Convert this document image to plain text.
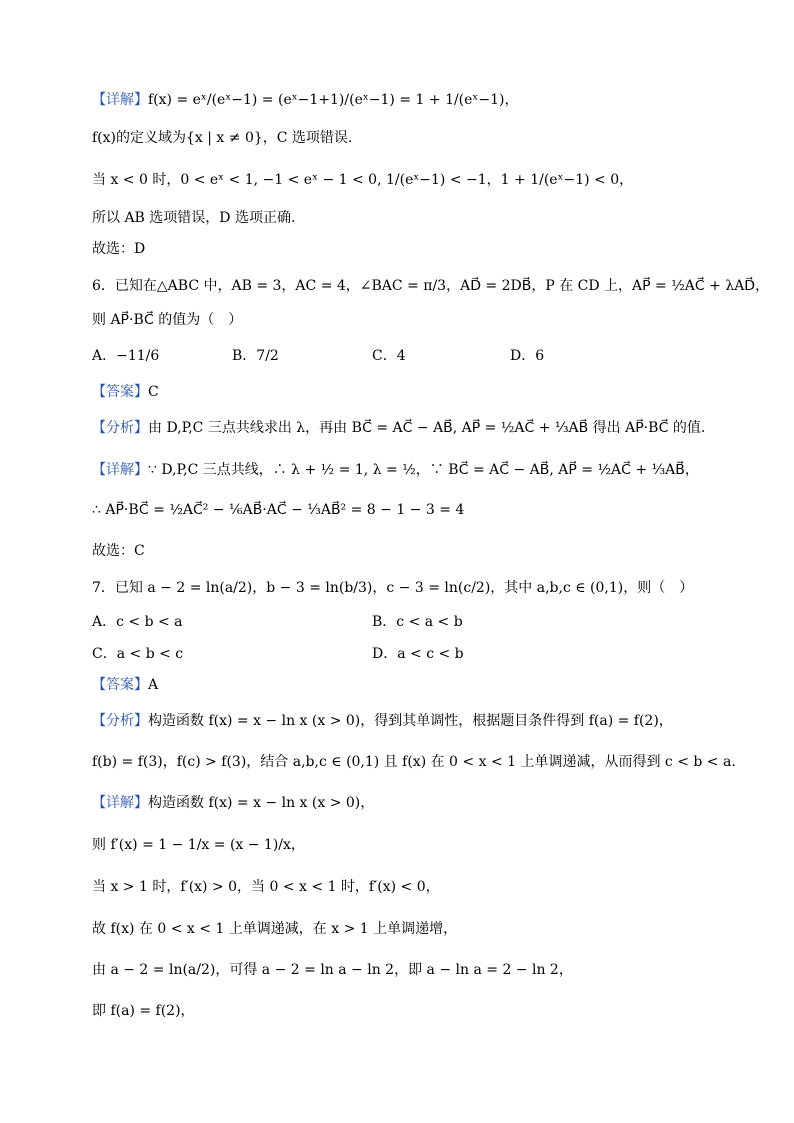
【详解】f(x) = eˣ/(eˣ−1) = (eˣ−1+1)/(eˣ−1) = 1 + 1/(eˣ−1)，
f(x)的定义域为{x | x ≠ 0}，C 选项错误.
当 x < 0 时，0 < eˣ < 1, −1 < eˣ − 1 < 0, 1/(eˣ−1) < −1，1 + 1/(eˣ−1) < 0，
所以 AB 选项错误，D 选项正确.
故选：D
6．已知在△ABC 中，AB = 3，AC = 4，∠BAC = π/3，AD⃗ = 2DB⃗，P 在 CD 上，AP⃗ = ½AC⃗ + λAD⃗，
则 AP⃗·BC⃗ 的值为（　）
A．−11/6	B．7/2	C．4	D．6
【答案】C
【分析】由 D,P,C 三点共线求出 λ，再由 BC⃗ = AC⃗ − AB⃗, AP⃗ = ½AC⃗ + ⅓AB⃗ 得出 AP⃗·BC⃗ 的值.
【详解】∵ D,P,C 三点共线，∴ λ + ½ = 1, λ = ½，∵ BC⃗ = AC⃗ − AB⃗, AP⃗ = ½AC⃗ + ⅓AB⃗，
∴ AP⃗·BC⃗ = ½AC⃗² − ⅙AB⃗·AC⃗ − ⅓AB⃗² = 8 − 1 − 3 = 4
故选：C
7．已知 a − 2 = ln(a/2)，b − 3 = ln(b/3)，c − 3 = ln(c/2)，其中 a,b,c ∈ (0,1)，则（　）
A．c < b < a	B．c < a < b
C．a < b < c	D．a < c < b
【答案】A
【分析】构造函数 f(x) = x − ln x (x > 0)，得到其单调性，根据题目条件得到 f(a) = f(2)，
f(b) = f(3)，f(c) > f(3)，结合 a,b,c ∈ (0,1) 且 f(x) 在 0 < x < 1 上单调递减，从而得到 c < b < a.
【详解】构造函数 f(x) = x − ln x (x > 0)，
则 f′(x) = 1 − 1/x = (x − 1)/x，
当 x > 1 时，f′(x) > 0，当 0 < x < 1 时，f′(x) < 0，
故 f(x) 在 0 < x < 1 上单调递减，在 x > 1 上单调递增，
由 a − 2 = ln(a/2)，可得 a − 2 = ln a − ln 2，即 a − ln a = 2 − ln 2，
即 f(a) = f(2)，
